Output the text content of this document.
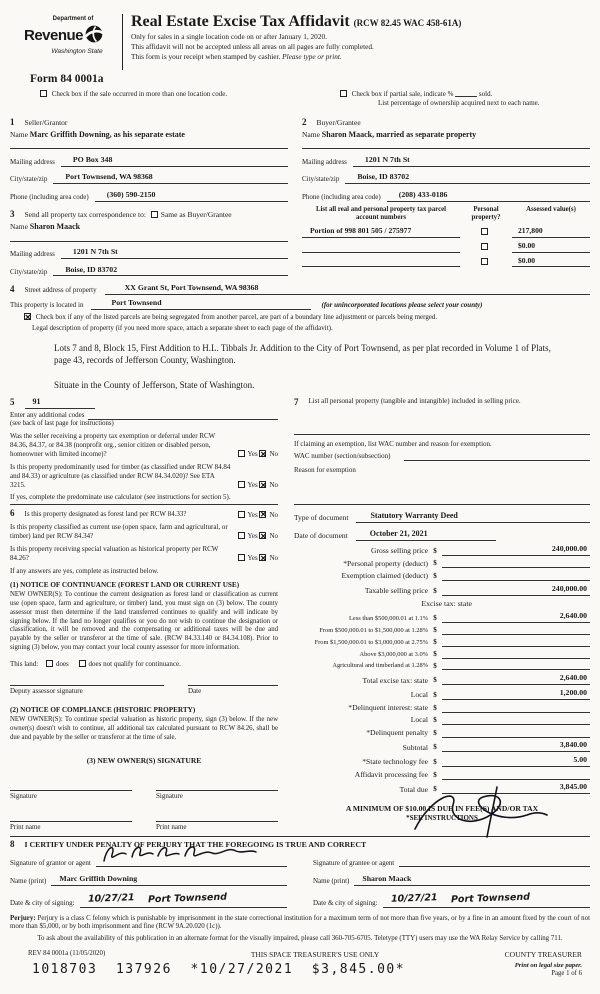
Department of
Revenue
Washington State
Real Estate Excise Tax Affidavit (RCW 82.45 WAC 458-61A)
Only for sales in a single location code on or after January 1, 2020.
This affidavit will not be accepted unless all areas on all pages are fully completed.
This form is your receipt when stamped by cashier. Please type or print.
Form 84 0001a
Check box if the sale occurred in more than one location code.	Check box if partial sale, indicate %	sold.
List percentage of ownership acquired next to each name.
1 Seller/Grantor
Name Marc Griffith Downing, as his separate estate
Mailing address	PO Box 348
City/state/zip	Port Townsend, WA 98368
Phone (including area code)	(360) 590-2150
3 Send all property tax correspondence to: Same as Buyer/Grantee
Name Sharon Maack
Mailing address	1201 N 7th St
City/state/zip	Boise, ID 83702
2 Buyer/Grantee
Name Sharon Maack, married as separate property
Mailing address	1201 N 7th St
City/state/zip	Boise, ID 83702
Phone (including area code)	(208) 433-0186
List all real and personal property tax parcel account numbers
Personal property?
Assessed value(s)
Portion of 998 801 505 / 275977	217,800
$0.00
$0.00
4 Street address of property	XX Grant St, Port Townsend, WA 98368
This property is located in	Port Townsend	(for unincorporated locations please select your county)
✕ Check box if any of the listed parcels are being segregated from another parcel, are part of a boundary line adjustment or parcels being merged.
Legal description of property (if you need more space, attach a separate sheet to each page of the affidavit).
Lots 7 and 8, Block 15, First Addition to H.L. Tibbals Jr. Addition to the City of Port Townsend, as per plat recorded in Volume 1 of Plats, page 43, records of Jefferson County, Washington.
Situate in the County of Jefferson, State of Washington.
5	91
Enter any additional codes
(see back of last page for instructions)
Was the seller receiving a property tax exemption or deferral under RCW 84.36, 84.37, or 84.38 (nonprofit org., senior citizen or disabled person, homeowner with limited income)?	Yes ✕ No
Is this property predominantly used for timber (as classified under RCW 84.84 and 84.33) or agriculture (as classified under RCW 84.34.020)? See ETA 3215.	Yes ✕ No
If yes, complete the predominate use calculator (see instructions for section 5).
6 Is this property designated as forest land per RCW 84.33?	Yes ✕ No
Is this property classified as current use (open space, farm and agricultural, or timber) land per RCW 84.34?	Yes ✕ No
Is this property receiving special valuation as historical property per RCW 84.26?	Yes ✕ No
If any answers are yes, complete as instructed below.
(1) NOTICE OF CONTINUANCE (FOREST LAND OR CURRENT USE)
NEW OWNER(S): To continue the current designation as forest land or classification as current use (open space, farm and agriculture, or timber) land, you must sign on (3) below. The county assessor must then determine if the land transferred continues to qualify and will indicate by signing below. If the land no longer qualifies or you do not wish to continue the designation or classification, it will be removed and the compensating or additional taxes will be due and payable by the seller or transferor at the time of sale. (RCW 84.33.140 or 84.34.108). Prior to signing (3) below, you may contact your local county assessor for more information.
This land:	does	does not qualify for continuance.
Deputy assessor signature	Date
(2) NOTICE OF COMPLIANCE (HISTORIC PROPERTY)
NEW OWNER(S): To continue special valuation as historic property, sign (3) below. If the new owner(s) doesn't wish to continue, all additional tax calculated pursuant to RCW 84.26, shall be due and payable by the seller or transferor at the time of sale.
(3) NEW OWNER(S) SIGNATURE
Signature	Signature
Print name	Print name
7 List all personal property (tangible and intangible) included in selling price.
If claiming an exemption, list WAC number and reason for exemption.
WAC number (section/subsection)
Reason for exemption
Type of document	Statutory Warranty Deed
Date of document	October 21, 2021
Gross selling price $	240,000.00
*Personal property (deduct) $
Exemption claimed (deduct) $
Taxable selling price $	240,000.00
Excise tax: state
Less than $500,000.01 at 1.1% $	2,640.00
From $500,000.01 to $1,500,000 at 1.28% $
From $1,500,000.01 to $3,000,000 at 2.75% $
Above $3,000,000 at 3.0% $
Agricultural and timberland at 1.28% $
Total excise tax: state $	2,640.00
Local $	1,200.00
*Delinquent interest: state $
Local $
*Delinquent penalty $
Subtotal $	3,840.00
*State technology fee $	5.00
Affidavit processing fee $
Total due $	3,845.00
A MINIMUM OF $10.00 IS DUE IN FEE(S) AND/OR TAX
*SEE INSTRUCTIONS
8 I CERTIFY UNDER PENALTY OF PERJURY THAT THE FOREGOING IS TRUE AND CORRECT
Signature of grantor or agent
Name (print)	Marc Griffith Downing
Date & city of signing:	10/27/21 Port Townsend
Signature of grantee or agent
Name (print)	Sharon Maack
Date & city of signing:	10/27/21 Port Townsend
Perjury: Perjury is a class C felony which is punishable by imprisonment in the state correctional institution for a maximum term of not more than five years, or by a fine in an amount fixed by the court of not more than $5,000, or by both imprisonment and fine (RCW 9A.20.020 (1c)).
To ask about the availability of this publication in an alternate format for the visually impaired, please call 360-705-6705. Teletype (TTY) users may use the WA Relay Service by calling 711.
REV 84 0001a (11/05/2020)	THIS SPACE TREASURER'S USE ONLY	COUNTY TREASURER
1018703  137926  *10/27/2021  $3,845.00*	Print on legal size paper.
Page 1 of 6
